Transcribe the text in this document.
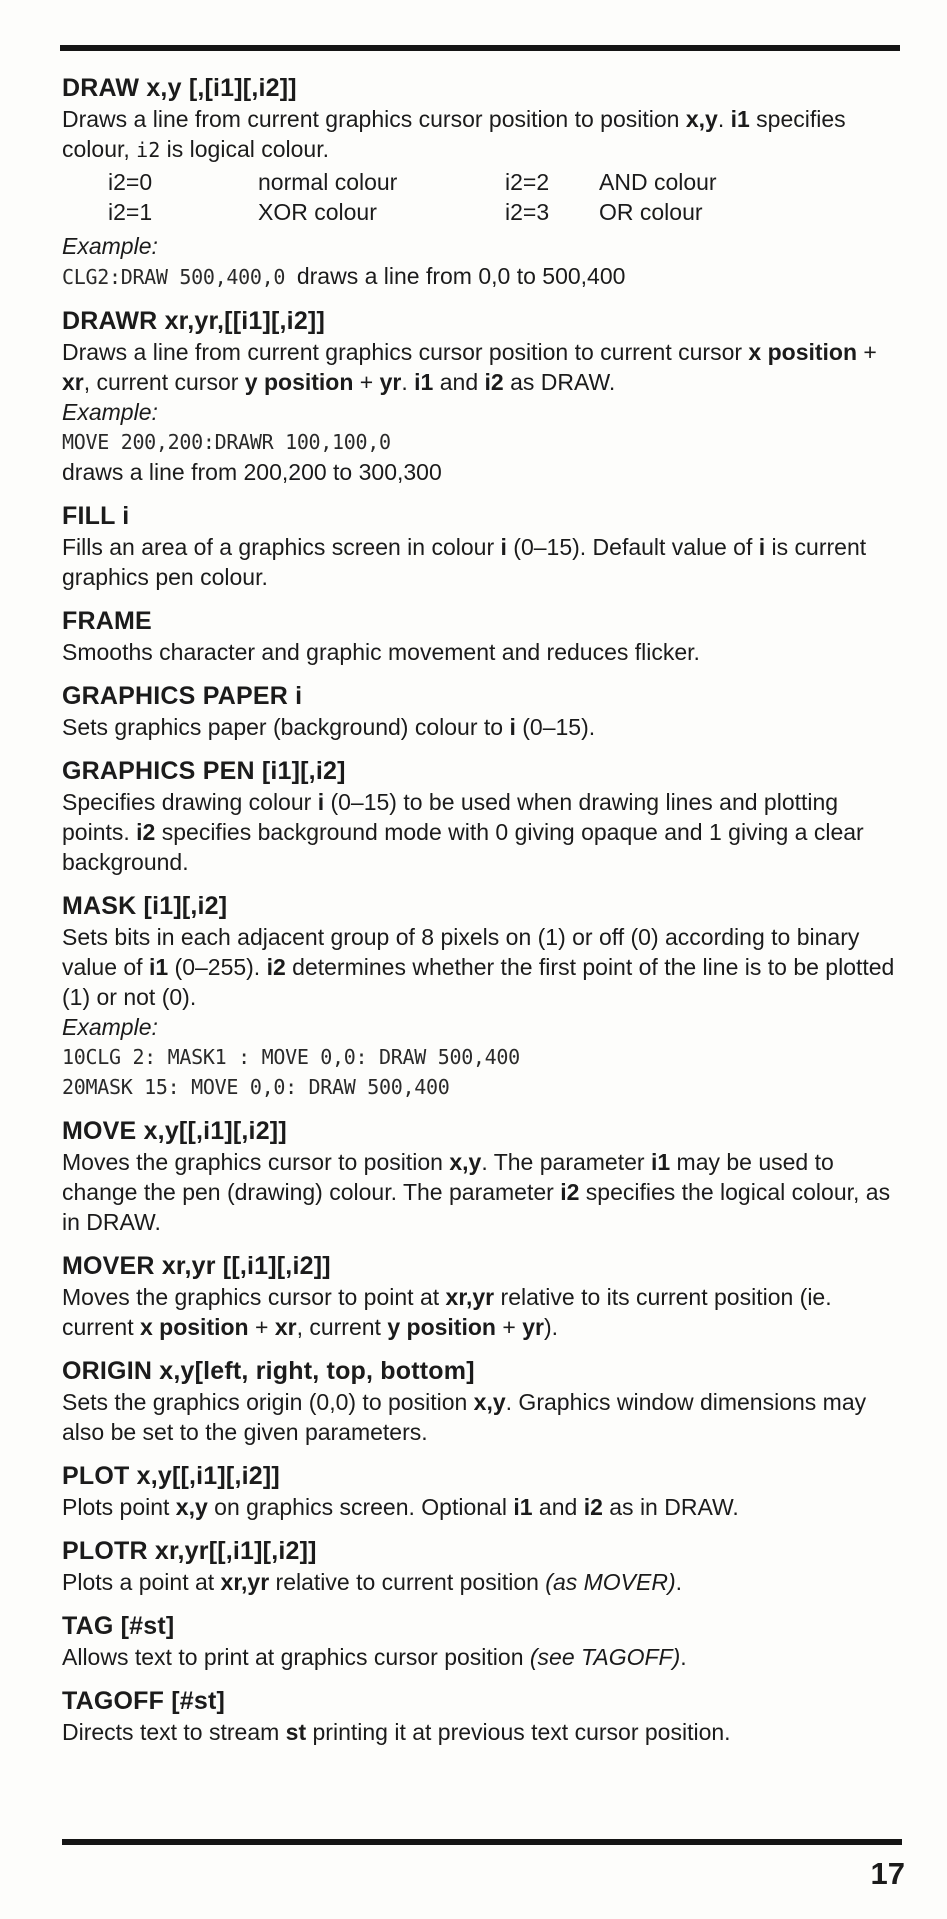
DRAW x,y [,[i1][,i2]]
Draws a line from current graphics cursor position to position x,y. i1 specifies colour, i2 is logical colour.
i2=0	normal colour	i2=2	AND colour
i2=1	XOR colour	i2=3	OR colour
Example:
CLG2:DRAW 500,400,0 draws a line from 0,0 to 500,400
DRAWR xr,yr,[[i1][,i2]]
Draws a line from current graphics cursor position to current cursor x position + xr, current cursor y position + yr. i1 and i2 as DRAW.
Example:
MOVE 200,200:DRAWR 100,100,0
draws a line from 200,200 to 300,300
FILL i
Fills an area of a graphics screen in colour i (0–15). Default value of i is current graphics pen colour.
FRAME
Smooths character and graphic movement and reduces flicker.
GRAPHICS PAPER i
Sets graphics paper (background) colour to i (0–15).
GRAPHICS PEN [i1][,i2]
Specifies drawing colour i (0–15) to be used when drawing lines and plotting points. i2 specifies background mode with 0 giving opaque and 1 giving a clear background.
MASK [i1][,i2]
Sets bits in each adjacent group of 8 pixels on (1) or off (0) according to binary value of i1 (0–255). i2 determines whether the first point of the line is to be plotted (1) or not (0).
Example:
10CLG 2: MASK1 : MOVE 0,0: DRAW 500,400
20MASK 15: MOVE 0,0: DRAW 500,400
MOVE x,y[[,i1][,i2]]
Moves the graphics cursor to position x,y. The parameter i1 may be used to change the pen (drawing) colour. The parameter i2 specifies the logical colour, as in DRAW.
MOVER xr,yr [[,i1][,i2]]
Moves the graphics cursor to point at xr,yr relative to its current position (ie. current x position + xr, current y position + yr).
ORIGIN x,y[left, right, top, bottom]
Sets the graphics origin (0,0) to position x,y. Graphics window dimensions may also be set to the given parameters.
PLOT x,y[[,i1][,i2]]
Plots point x,y on graphics screen. Optional i1 and i2 as in DRAW.
PLOTR xr,yr[[,i1][,i2]]
Plots a point at xr,yr relative to current position (as MOVER).
TAG [#st]
Allows text to print at graphics cursor position (see TAGOFF).
TAGOFF [#st]
Directs text to stream st printing it at previous text cursor position.
17
